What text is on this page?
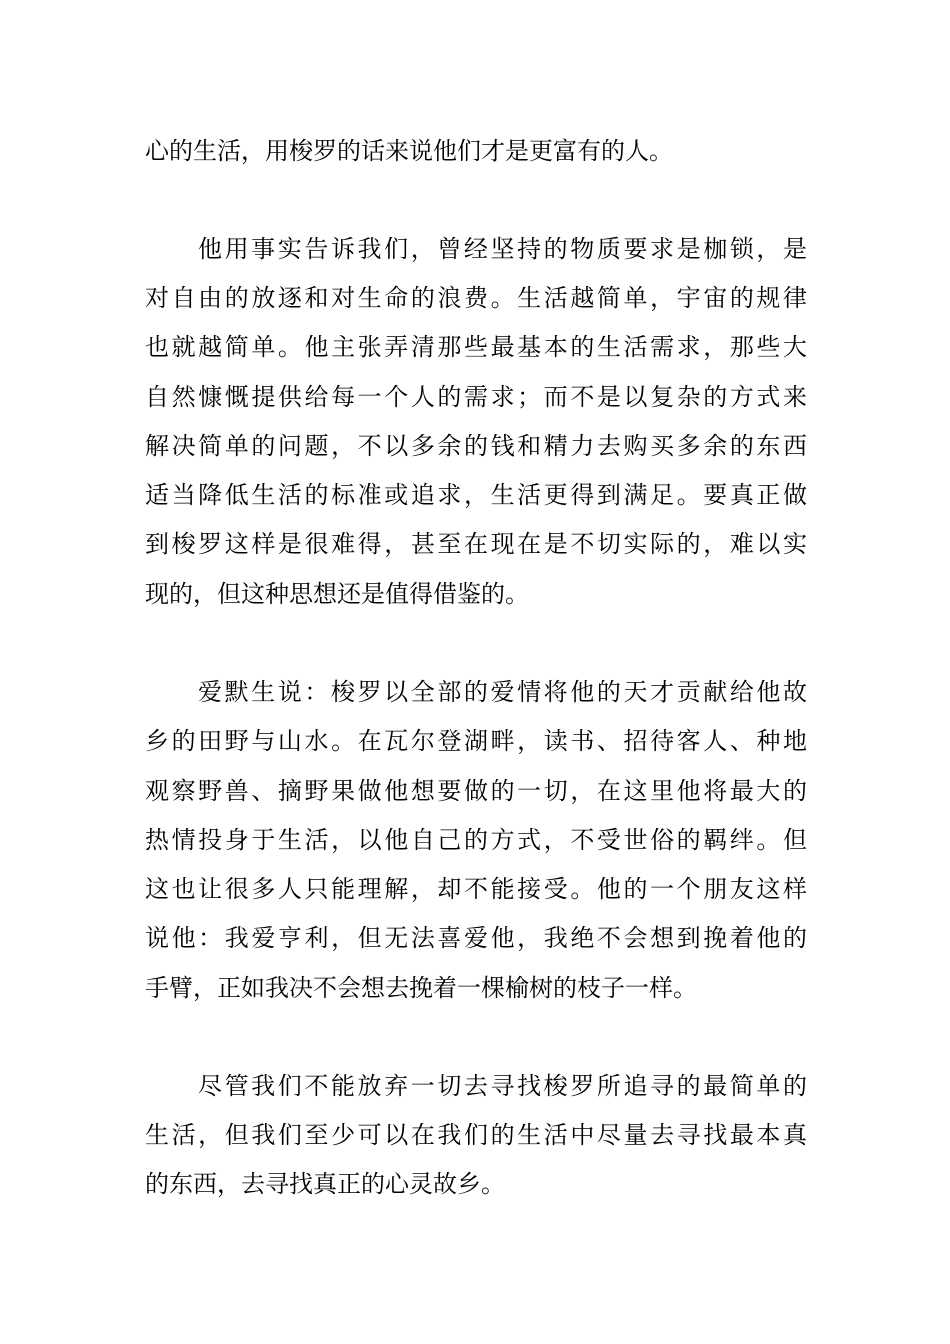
心的生活，用梭罗的话来说他们才是更富有的人。
他用事实告诉我们，曾经坚持的物质要求是枷锁，是
对自由的放逐和对生命的浪费。生活越简单，宇宙的规律
也就越简单。他主张弄清那些最基本的生活需求，那些大
自然慷慨提供给每一个人的需求；而不是以复杂的方式来
解决简单的问题，不以多余的钱和精力去购买多余的东西
适当降低生活的标准或追求，生活更得到满足。要真正做
到梭罗这样是很难得，甚至在现在是不切实际的，难以实
现的，但这种思想还是值得借鉴的。
爱默生说：梭罗以全部的爱情将他的天才贡献给他故
乡的田野与山水。在瓦尔登湖畔，读书、招待客人、种地
观察野兽、摘野果做他想要做的一切，在这里他将最大的
热情投身于生活，以他自己的方式，不受世俗的羁绊。但
这也让很多人只能理解，却不能接受。他的一个朋友这样
说他：我爱亨利，但无法喜爱他，我绝不会想到挽着他的
手臂，正如我决不会想去挽着一棵榆树的枝子一样。
尽管我们不能放弃一切去寻找梭罗所追寻的最简单的
生活，但我们至少可以在我们的生活中尽量去寻找最本真
的东西，去寻找真正的心灵故乡。
